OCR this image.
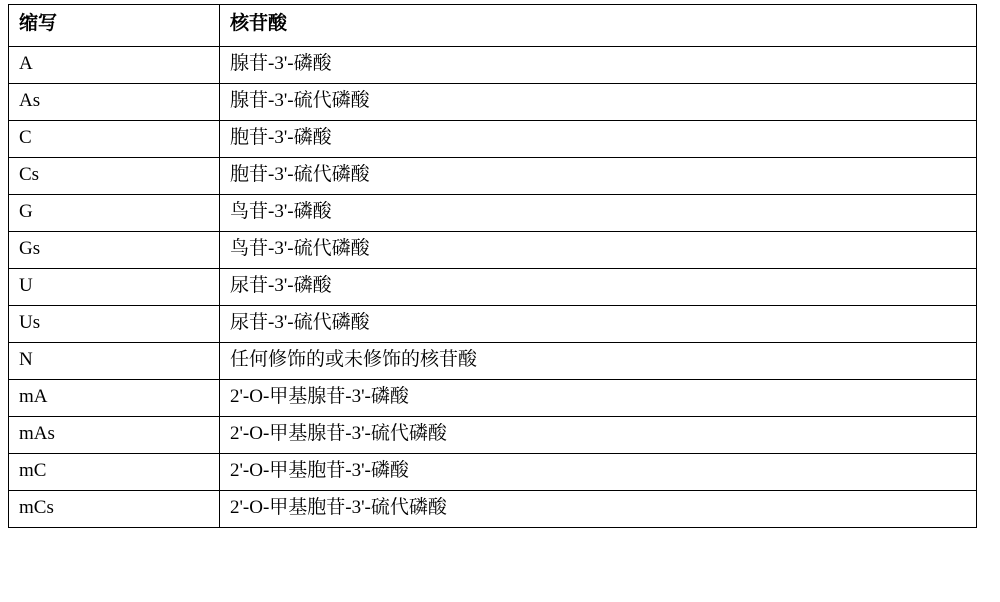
缩写	核苷酸
A	腺苷-3'-磷酸
As	腺苷-3'-硫代磷酸
C	胞苷-3'-磷酸
Cs	胞苷-3'-硫代磷酸
G	鸟苷-3'-磷酸
Gs	鸟苷-3'-硫代磷酸
U	尿苷-3'-磷酸
Us	尿苷-3'-硫代磷酸
N	任何修饰的或未修饰的核苷酸
mA	2'-O-甲基腺苷-3'-磷酸
mAs	2'-O-甲基腺苷-3'-硫代磷酸
mC	2'-O-甲基胞苷-3'-磷酸
mCs	2'-O-甲基胞苷-3'-硫代磷酸
